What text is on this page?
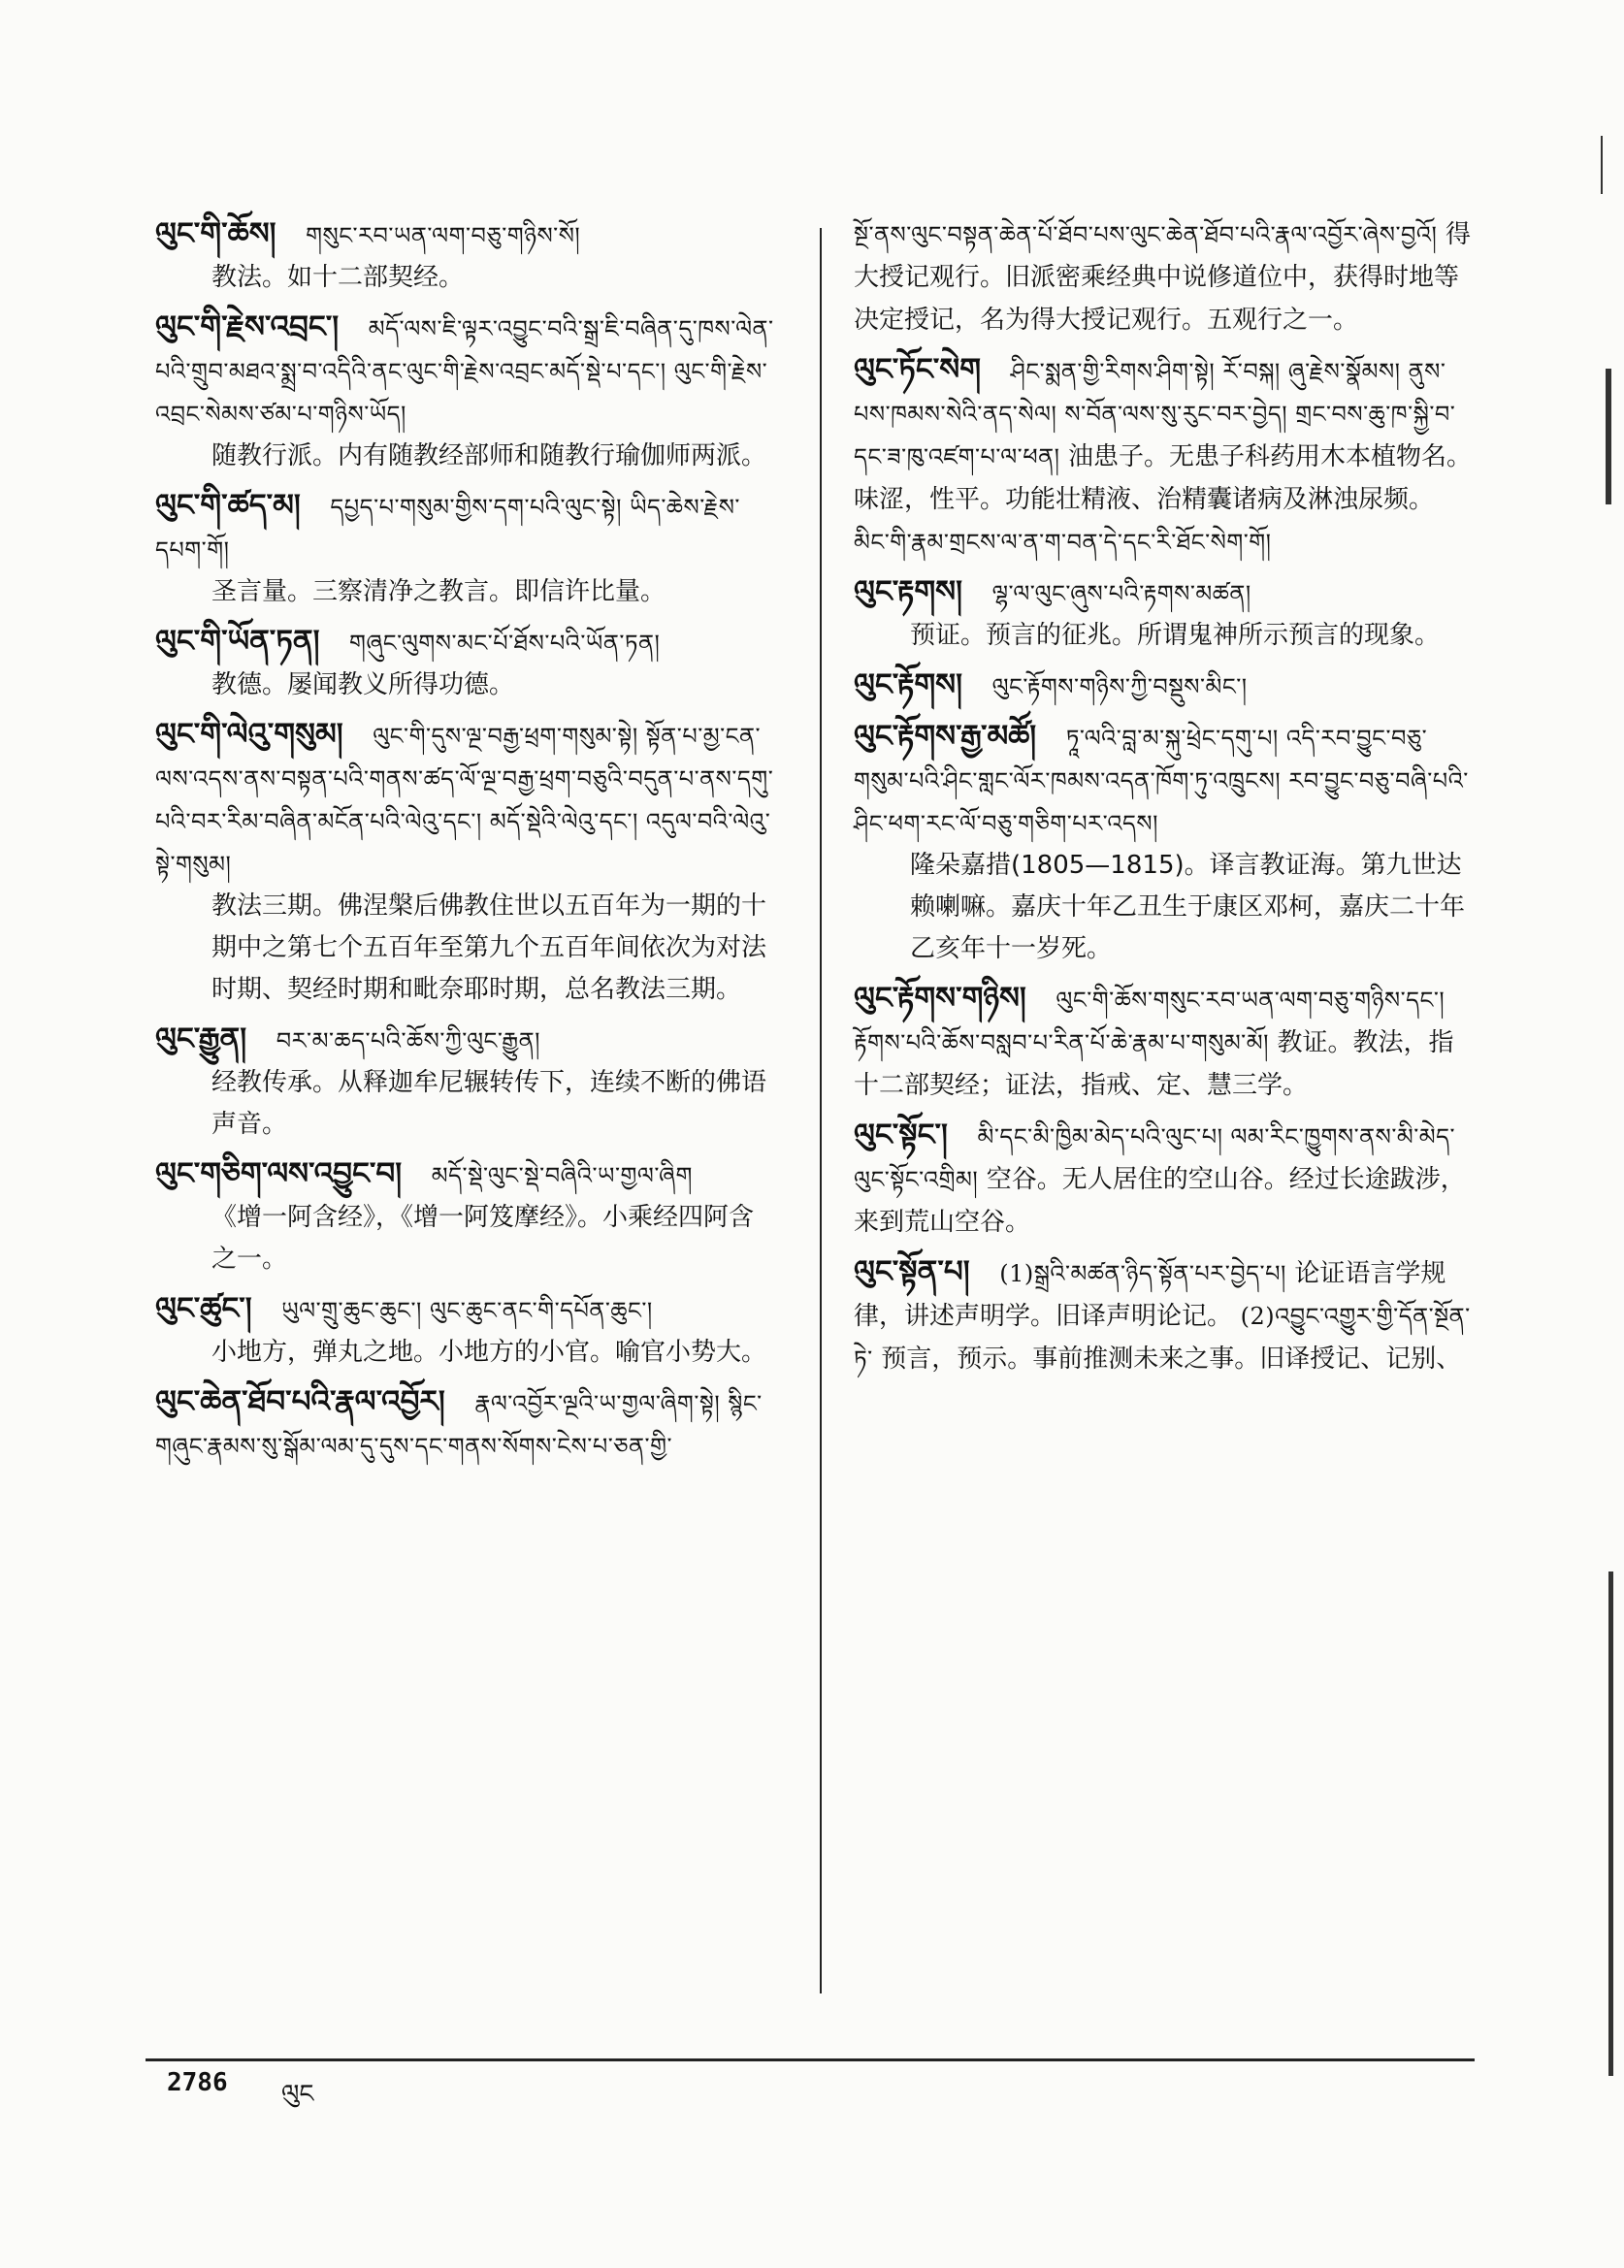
ལུང་གི་ཆོས། གསུང་རབ་ཡན་ལག་བཅུ་གཉིས་སོ།
教法。如十二部契经。
ལུང་གི་རྗེས་འབྲང་། མདོ་ལས་ཇི་ལྟར་འབྱུང་བའི་སྒྲ་ཇི་བཞིན་དུ་ཁས་ལེན་པའི་གྲུབ་མཐའ་སྨྲ་བ་འདིའི་ནང་ལུང་གི་རྗེས་འབྲང་མདོ་སྡེ་པ་དང་། ལུང་གི་རྗེས་འབྲང་སེམས་ཙམ་པ་གཉིས་ཡོད།
随教行派。内有随教经部师和随教行瑜伽师两派。
ལུང་གི་ཚད་མ། དཔྱད་པ་གསུམ་གྱིས་དག་པའི་ལུང་སྟེ། ཡིད་ཆེས་རྗེས་དཔག་གོ།
圣言量。三察清净之教言。即信许比量。
ལུང་གི་ཡོན་ཏན། གཞུང་ལུགས་མང་པོ་ཐོས་པའི་ཡོན་ཏན།
教德。屡闻教义所得功德。
ལུང་གི་ལེའུ་གསུམ། ལུང་གི་དུས་ལྔ་བརྒྱ་ཕྲག་གསུམ་སྟེ། སྟོན་པ་མྱ་ངན་ལས་འདས་ནས་བསྟན་པའི་གནས་ཚད་ལོ་ལྔ་བརྒྱ་ཕྲག་བཅུའི་བདུན་པ་ནས་དགུ་པའི་བར་རིམ་བཞིན་མངོན་པའི་ལེའུ་དང་། མདོ་སྡེའི་ལེའུ་དང་། འདུལ་བའི་ལེའུ་སྟེ་གསུམ།
教法三期。佛涅槃后佛教住世以五百年为一期的十期中之第七个五百年至第九个五百年间依次为对法时期、契经时期和毗奈耶时期，总名教法三期。
ལུང་རྒྱུན། བར་མ་ཆད་པའི་ཆོས་ཀྱི་ལུང་རྒྱུན།
经教传承。从释迦牟尼辗转传下，连续不断的佛语声音。
ལུང་གཅིག་ལས་འབྱུང་བ། མདོ་སྡེ་ལུང་སྡེ་བཞིའི་ཡ་གྱལ་ཞིག
《增一阿含经》，《增一阿笈摩经》。小乘经四阿含之一。
ལུང་ཚུང་། ཡུལ་གྲུ་ཆུང་ཆུང་། ལུང་ཆུང་ནང་གི་དཔོན་ཆུང་།
小地方，弹丸之地。小地方的小官。喻官小势大。
ལུང་ཆེན་ཐོབ་པའི་རྣལ་འབྱོར། རྣལ་འབྱོར་ལྔའི་ཡ་གྱལ་ཞིག་སྟེ། སྙིང་གཞུང་རྣམས་སུ་སྒོམ་ལམ་དུ་དུས་དང་གནས་སོགས་ངེས་པ་ཅན་གྱི་
སྔོ་ནས་ལུང་བསྟན་ཆེན་པོ་ཐོབ་པས་ལུང་ཆེན་ཐོབ་པའི་རྣལ་འབྱོར་ཞེས་བྱའོ། 得大授记观行。旧派密乘经典中说修道位中，获得时地等决定授记，名为得大授记观行。五观行之一。
ལུང་ཏོང་སེག ཤིང་སྨན་གྱི་རིགས་ཤིག་སྟེ། རོ་བསྐ། ཞུ་རྗེས་སྣོམས། ནུས་པས་ཁམས་སེའི་ནད་སེལ། ས་བོན་ལས་སུ་རུང་བར་བྱེད། གྲང་བས་ཆུ་ཁ་སྐྱི་བ་དང་ཟ་ཁུ་འཛག་པ་ལ་ཕན། 油患子。无患子科药用木本植物名。味涩，性平。功能壮精液、治精囊诸病及淋浊尿频。 མིང་གི་རྣམ་གྲངས་ལ་ན་ག་བན་དེ་དང་རི་ཐོང་སེག་གོ།
ལུང་རྟགས། ལྷ་ལ་ལུང་ཞུས་པའི་རྟགས་མཚན།
预证。预言的征兆。所谓鬼神所示预言的现象。
ལུང་རྟོགས། ལུང་རྟོགས་གཉིས་ཀྱི་བསྡུས་མིང་།
ལུང་རྟོགས་རྒྱ་མཚོ། ཏཱ་ལའི་བླ་མ་སྐུ་ཕྲེང་དགུ་པ། འདི་རབ་བྱུང་བཅུ་གསུམ་པའི་ཤིང་གླང་ལོར་ཁམས་འདན་ཁོག་ཏུ་འཁྲུངས། རབ་བྱུང་བཅུ་བཞི་པའི་ཤིང་ཕག་རང་ལོ་བཅུ་གཅིག་པར་འདས།
隆朵嘉措(1805—1815)。译言教证海。第九世达赖喇嘛。嘉庆十年乙丑生于康区邓柯，嘉庆二十年乙亥年十一岁死。
ལུང་རྟོགས་གཉིས། ལུང་གི་ཆོས་གསུང་རབ་ཡན་ལག་བཅུ་གཉིས་དང་། རྟོགས་པའི་ཆོས་བསླབ་པ་རིན་པོ་ཆེ་རྣམ་པ་གསུམ་མོ། 教证。教法，指十二部契经；证法，指戒、定、慧三学。
ལུང་སྟོང་། མི་དང་མི་ཁྱིམ་མེད་པའི་ལུང་པ། ལམ་རིང་ཁྱུགས་ནས་མི་མེད་ལུང་སྟོང་འགྲིམ། 空谷。无人居住的空山谷。经过长途跋涉，来到荒山空谷。
ལུང་སྟོན་པ། (1)སྒྲའི་མཚན་ཉིད་སྟོན་པར་བྱེད་པ། 论证语言学规律，讲述声明学。旧译声明论记。 (2)འབྱུང་འགྱུར་གྱི་དོན་སྔོན་ཏེ་ 预言，预示。事前推测未来之事。旧译授记、记别、
2786 ལུང
